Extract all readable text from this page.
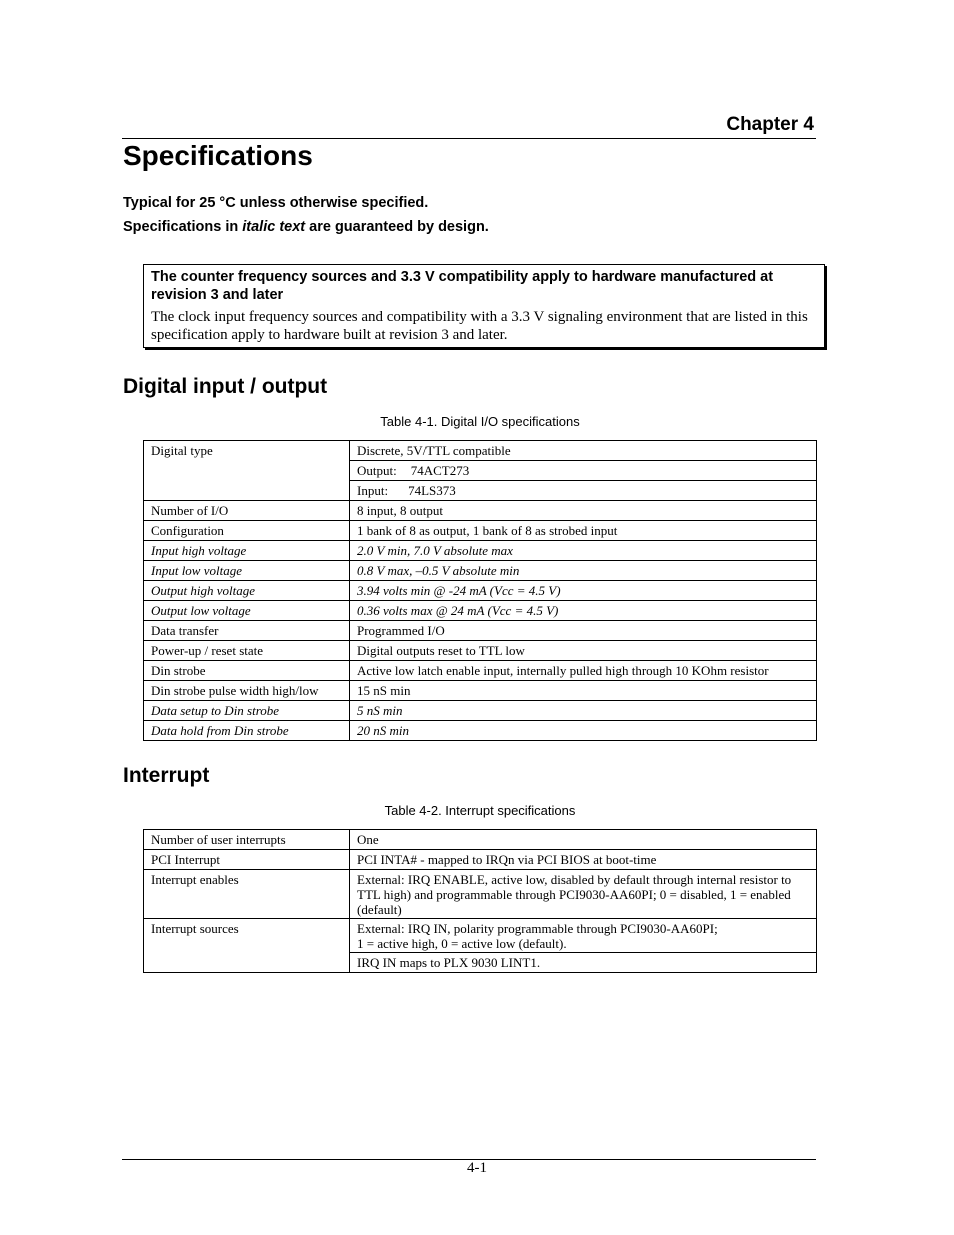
Chapter 4
Specifications
Typical for 25 °C unless otherwise specified.
Specifications in italic text are guaranteed by design.
The counter frequency sources and 3.3 V compatibility apply to hardware manufactured at revision 3 and later
The clock input frequency sources and compatibility with a 3.3 V signaling environment that are listed in this specification apply to hardware built at revision 3 and later.
Digital input / output
Table 4-1. Digital I/O specifications
Digital type	Discrete, 5V/TTL compatible
	Output: 74ACT273
	Input: 74LS373
Number of I/O	8 input, 8 output
Configuration	1 bank of 8 as output, 1 bank of 8 as strobed input
Input high voltage	2.0 V min, 7.0 V absolute max
Input low voltage	0.8 V max, –0.5 V absolute min
Output high voltage	3.94 volts min @ -24 mA (Vcc = 4.5 V)
Output low voltage	0.36 volts max @ 24 mA (Vcc = 4.5 V)
Data transfer	Programmed I/O
Power-up / reset state	Digital outputs reset to TTL low
Din strobe	Active low latch enable input, internally pulled high through 10 KOhm resistor
Din strobe pulse width high/low	15 nS min
Data setup to Din strobe	5 nS min
Data hold from Din strobe	20 nS min
Interrupt
Table 4-2. Interrupt specifications
Number of user interrupts	One
PCI Interrupt	PCI INTA# - mapped to IRQn via PCI BIOS at boot-time
Interrupt enables	External: IRQ ENABLE, active low, disabled by default through internal resistor to TTL high) and programmable through PCI9030-AA60PI; 0 = disabled, 1 = enabled (default)
Interrupt sources	External: IRQ IN, polarity programmable through PCI9030-AA60PI;
1 = active high, 0 = active low (default).

	IRQ IN maps to PLX 9030 LINT1.
4-1
